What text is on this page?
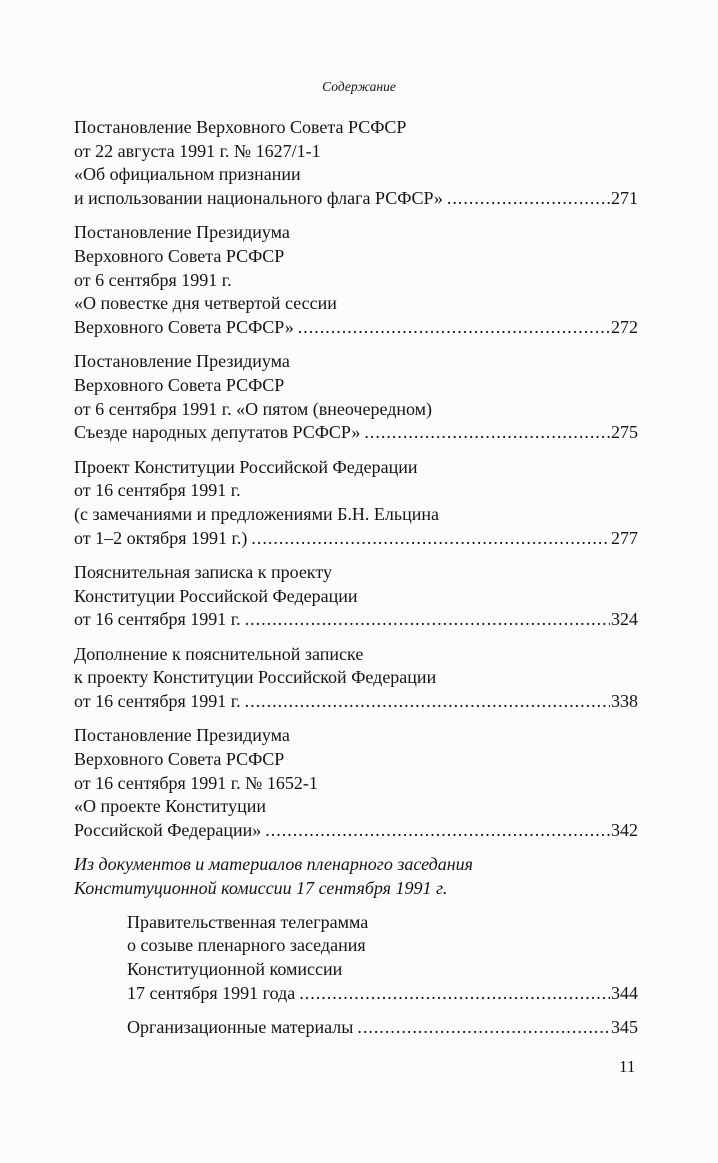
Содержание
Постановление Верховного Совета РСФСР
от 22 августа 1991 г. № 1627/1-1
«Об официальном признании
и использовании национального флага РСФСР» .....	271
Постановление Президиума
Верховного Совета РСФСР
от 6 сентября 1991 г.
«О повестке дня четвертой сессии
Верховного Совета РСФСР» .....	272
Постановление Президиума
Верховного Совета РСФСР
от 6 сентября 1991 г. «О пятом (внеочередном)
Съезде народных депутатов РСФСР» .....	275
Проект Конституции Российской Федерации
от 16 сентября 1991 г.
(с замечаниями и предложениями Б.Н. Ельцина
от 1–2 октября 1991 г.) .....	277
Пояснительная записка к проекту
Конституции Российской Федерации
от 16 сентября 1991 г. .....	324
Дополнение к пояснительной записке
к проекту Конституции Российской Федерации
от 16 сентября 1991 г. .....	338
Постановление Президиума
Верховного Совета РСФСР
от 16 сентября 1991 г. № 1652-1
«О проекте Конституции
Российской Федерации» .....	342
Из документов и материалов пленарного заседания
Конституционной комиссии 17 сентября 1991 г.
Правительственная телеграмма
о созыве пленарного заседания
Конституционной комиссии
17 сентября 1991 года .....	344
Организационные материалы .....	345
11
